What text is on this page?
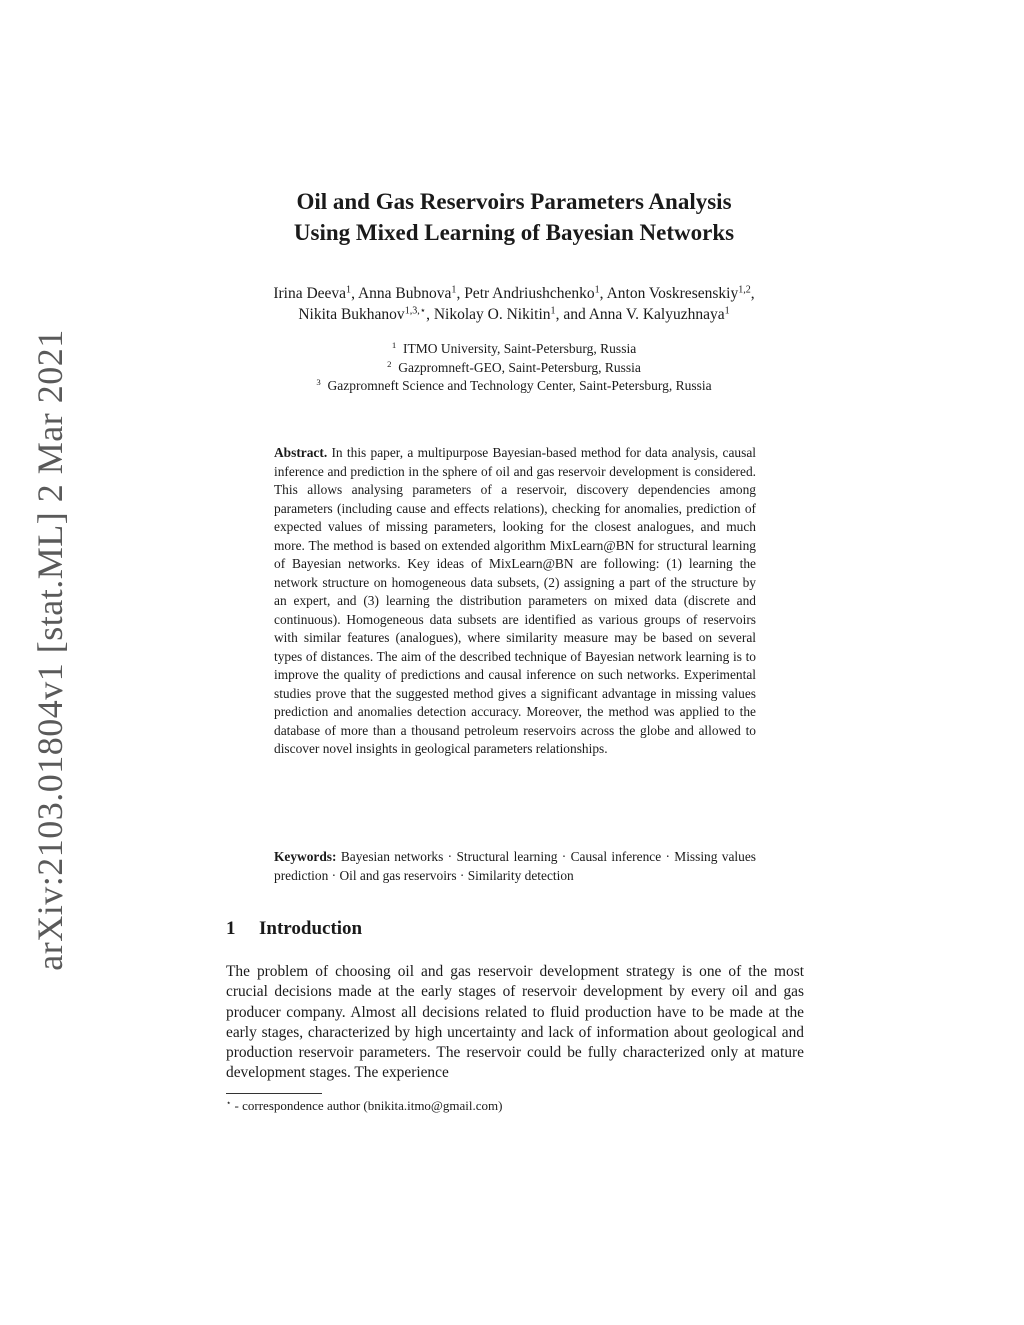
arXiv:2103.01804v1 [stat.ML] 2 Mar 2021
Oil and Gas Reservoirs Parameters Analysis
Using Mixed Learning of Bayesian Networks
Irina Deeva$^1$, Anna Bubnova$^1$, Petr Andriushchenko$^1$, Anton Voskresenskiy$^{1,2}$,
Nikita Bukhanov$^{1,3,⋆}$, Nikolay O. Nikitin$^1$, and Anna V. Kalyuzhnaya$^1$
$^1$ ITMO University, Saint-Petersburg, Russia
$^2$ Gazpromneft-GEO, Saint-Petersburg, Russia
$^3$ Gazpromneft Science and Technology Center, Saint-Petersburg, Russia
Abstract. In this paper, a multipurpose Bayesian-based method for data analysis, causal inference and prediction in the sphere of oil and gas reservoir development is considered. This allows analysing parameters of a reservoir, discovery dependencies among parameters (including cause and effects relations), checking for anomalies, prediction of expected values of missing parameters, looking for the closest analogues, and much more. The method is based on extended algorithm MixLearn@BN for structural learning of Bayesian networks. Key ideas of MixLearn@BN are following: (1) learning the network structure on homogeneous data subsets, (2) assigning a part of the structure by an expert, and (3) learning the distribution parameters on mixed data (discrete and continuous). Homogeneous data subsets are identified as various groups of reservoirs with similar features (analogues), where similarity measure may be based on several types of distances. The aim of the described technique of Bayesian network learning is to improve the quality of predictions and causal inference on such networks. Experimental studies prove that the suggested method gives a significant advantage in missing values prediction and anomalies detection accuracy. Moreover, the method was applied to the database of more than a thousand petroleum reservoirs across the globe and allowed to discover novel insights in geological parameters relationships.
Keywords: Bayesian networks · Structural learning · Causal inference · Missing values prediction · Oil and gas reservoirs · Similarity detection
1 Introduction
The problem of choosing oil and gas reservoir development strategy is one of the most crucial decisions made at the early stages of reservoir development by every oil and gas producer company. Almost all decisions related to fluid production have to be made at the early stages, characterized by high uncertainty and lack of information about geological and production reservoir parameters. The reservoir could be fully characterized only at mature development stages. The experience
⋆ - correspondence author (bnikita.itmo@gmail.com)
